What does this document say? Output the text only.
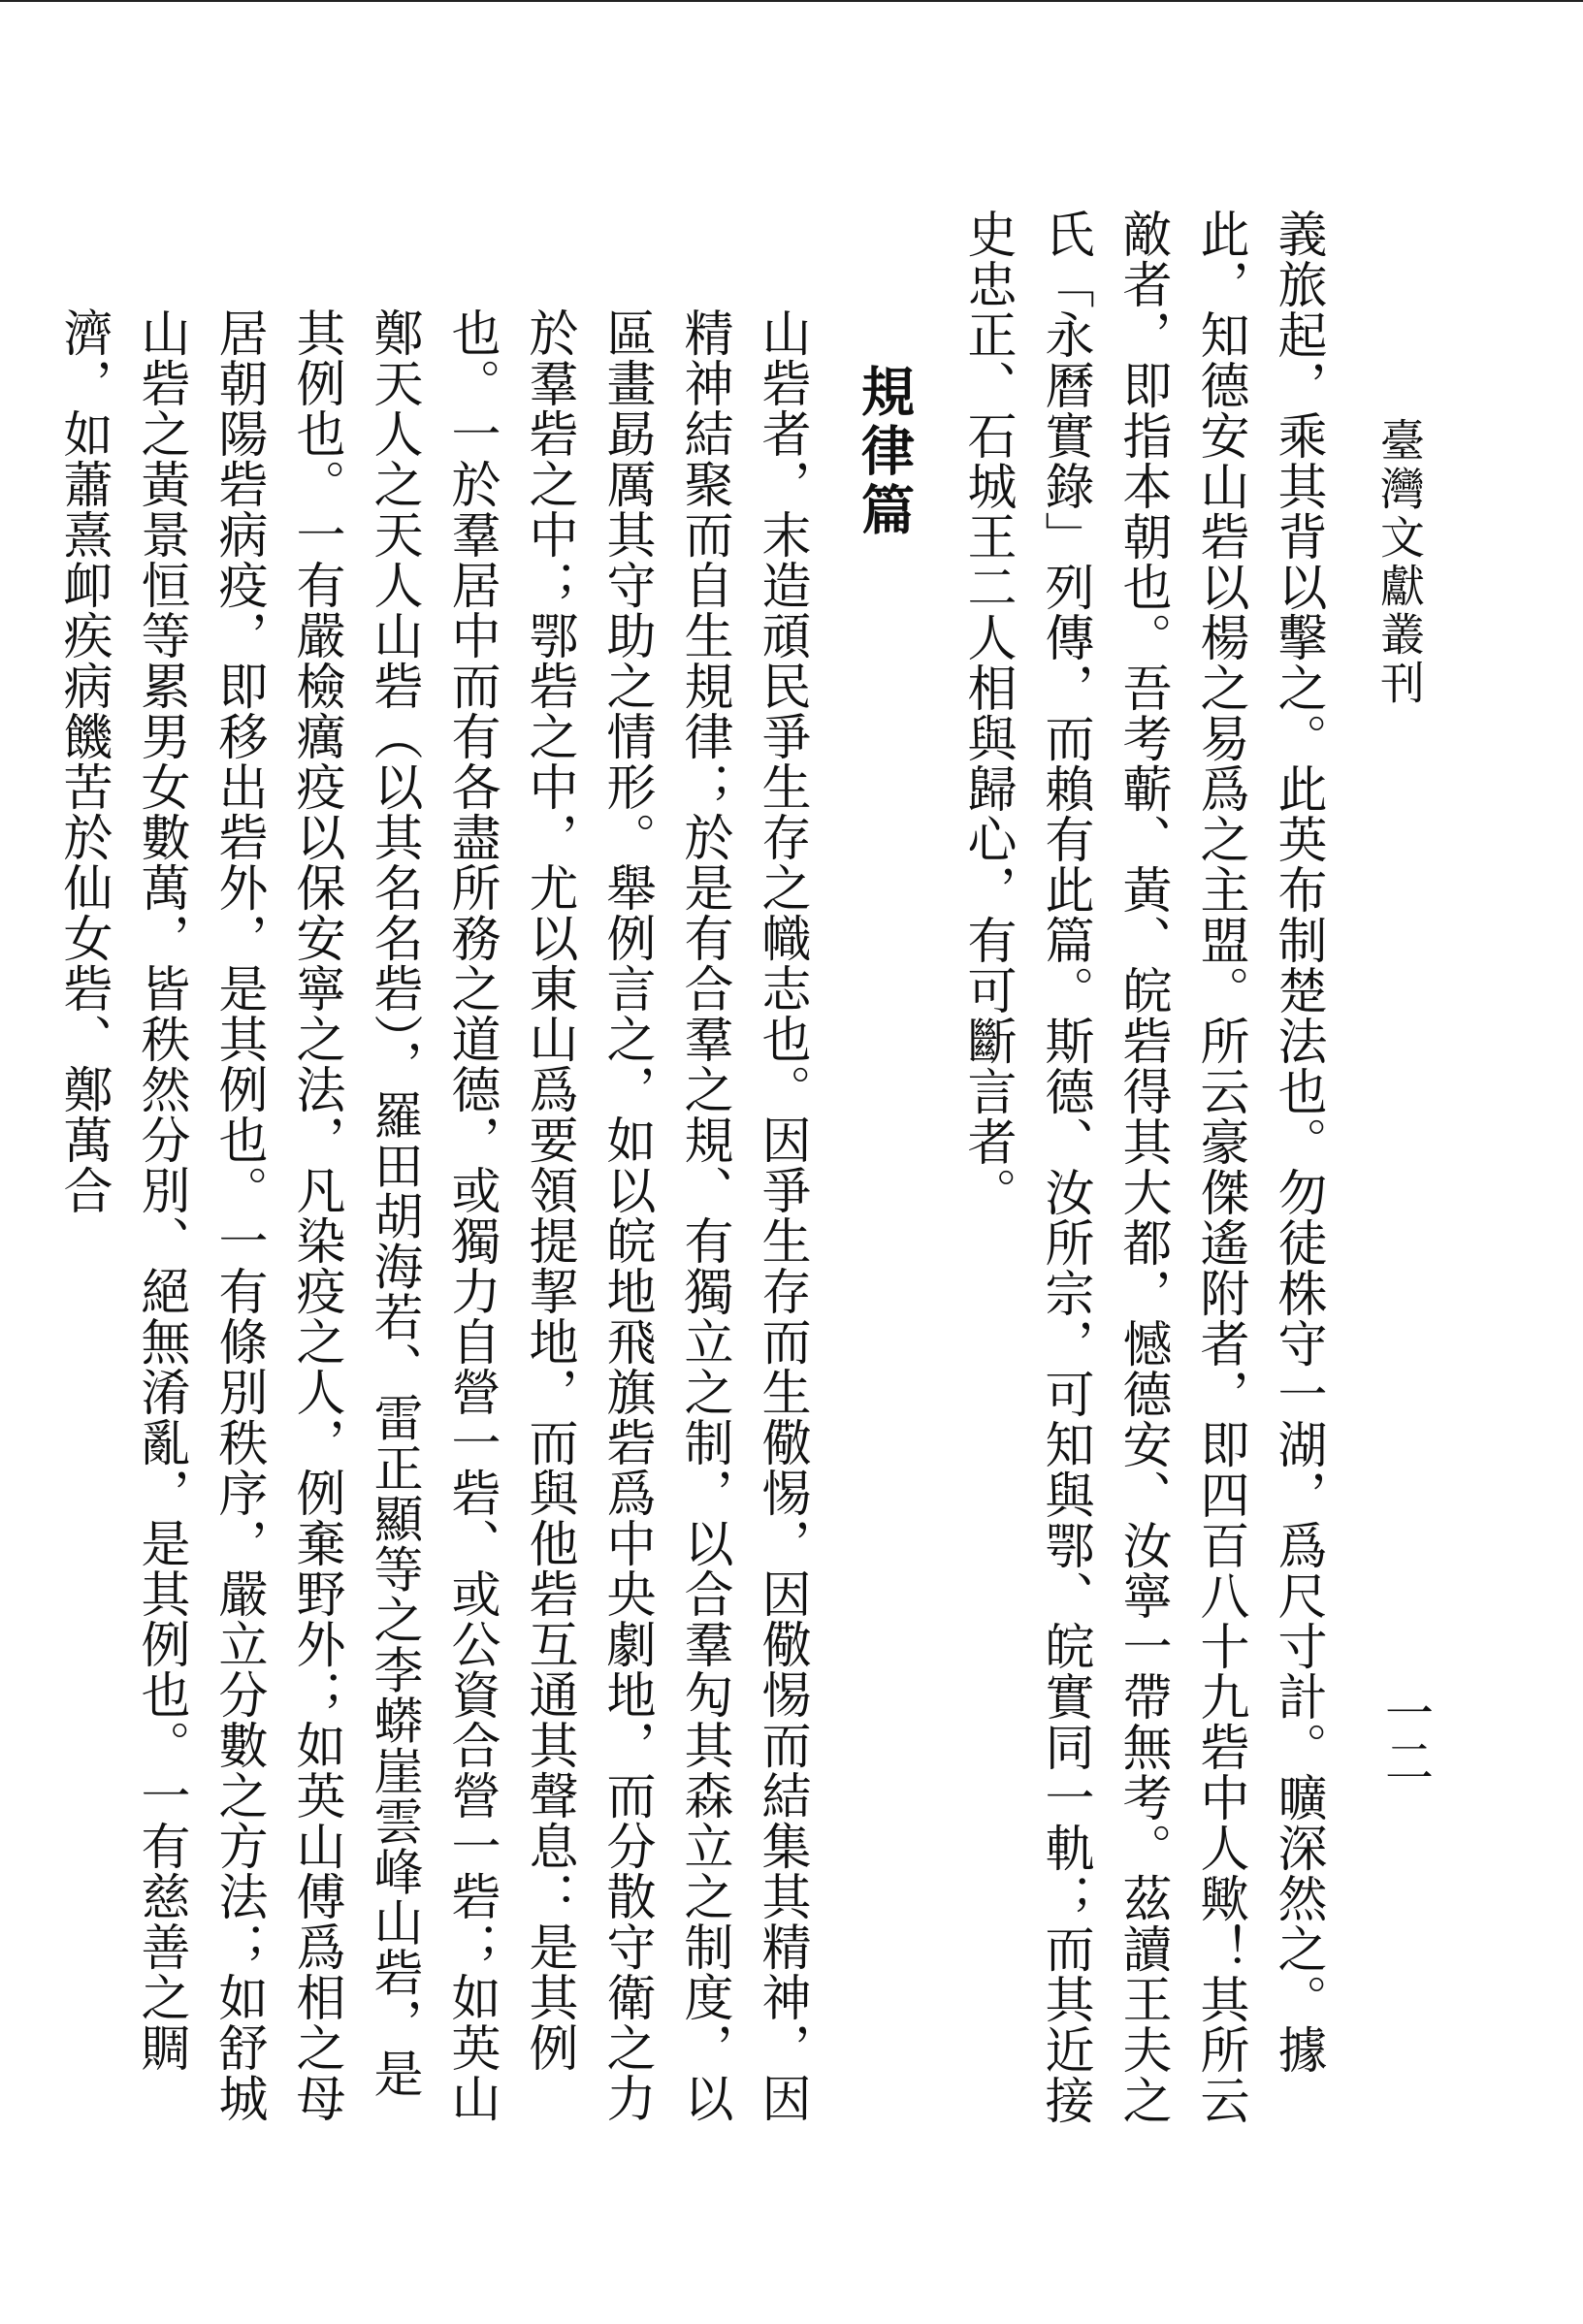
臺灣文獻叢刊
一二

義旅起，乘其背以擊之。此英布制楚法也。勿徒株守一湖，爲尺寸計。曠深然之。據此，知德安山砦以楊之易爲之主盟。所云豪傑遙附者，即四百八十九砦中人歟！其所云敵者，即指本朝也。吾考蘄、黃、皖砦得其大都，憾德安、汝寧一帶無考。茲讀王夫之氏「永曆實錄」列傳，而賴有此篇。斯德、汝所宗，可知與鄂、皖實同一軌；而其近接史忠正、石城王二人相與歸心，有可斷言者。

規律篇

山砦者，末造頑民爭生存之幟志也。因爭生存而生儆惕，因儆惕而結集其精神，因精神結聚而自生規律；於是有合羣之規、有獨立之制，以合羣勼其森立之制度，以區畫勗厲其守助之情形。舉例言之，如以皖地飛旗砦爲中央劇地，而分散守衛之力於羣砦之中；鄂砦之中，尤以東山爲要領提挈地，而與他砦互通其聲息：是其例也。一於羣居中而有各盡所務之道德，或獨力自營一砦、或公資合營一砦；如英山鄭天人之天人山砦（以其名名砦），羅田胡海若、雷正顯等之李蟒崖雲峰山砦，是其例也。一有嚴檢癘疫以保安寧之法，凡染疫之人，例棄野外；如英山傅爲相之母居朝陽砦病疫，即移出砦外，是其例也。一有條別秩序，嚴立分數之方法；如舒城山砦之黃景恒等累男女數萬，皆秩然分別、絕無淆亂，是其例也。一有慈善之賙濟，如蕭熹卹疾病饑苦於仙女砦、鄭萬合
